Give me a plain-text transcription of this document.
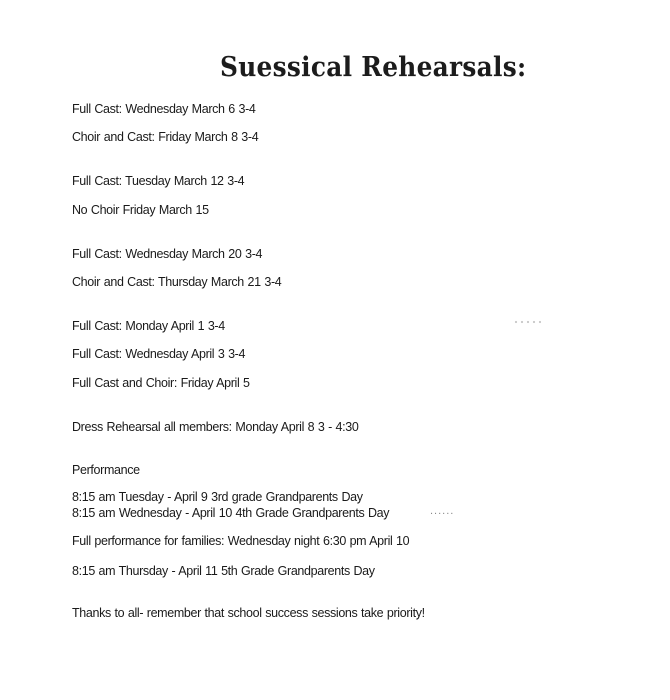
Suessical Rehearsals:
Full Cast: Wednesday March 6 3-4
Choir and Cast: Friday March 8 3-4
Full Cast: Tuesday March 12 3-4
No Choir Friday March 15
Full Cast: Wednesday March 20 3-4
Choir and Cast: Thursday March 21 3-4
Full Cast: Monday April 1 3-4
Full Cast: Wednesday April 3 3-4
Full Cast and Choir: Friday April 5
Dress Rehearsal all members: Monday April 8 3 - 4:30
Performance
8:15 am Tuesday - April 9 3rd grade Grandparents Day
8:15 am Wednesday - April 10 4th Grade Grandparents Day	......
Full performance for families: Wednesday night 6:30 pm April 10
8:15 am Thursday - April 11 5th Grade Grandparents Day
Thanks to all- remember that school success sessions take priority!
